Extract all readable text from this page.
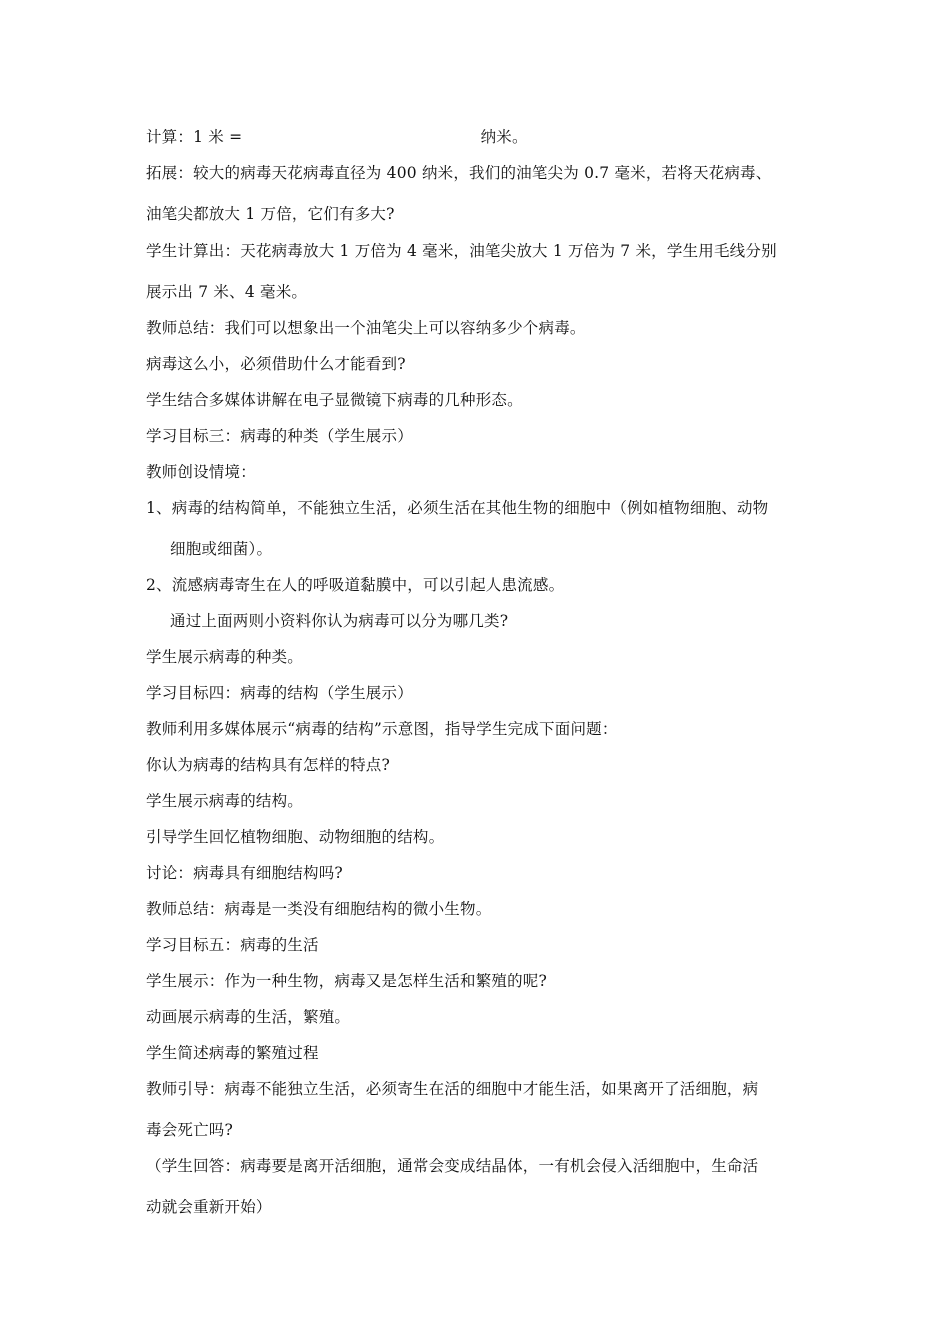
计算：1 米 =	纳米。
拓展：较大的病毒天花病毒直径为 400 纳米，我们的油笔尖为 0.7 毫米，若将天花病毒、
油笔尖都放大 1 万倍，它们有多大?
学生计算出：天花病毒放大 1 万倍为 4 毫米，油笔尖放大 1 万倍为 7 米，学生用毛线分别
展示出 7 米、4 毫米。
教师总结：我们可以想象出一个油笔尖上可以容纳多少个病毒。
病毒这么小，必须借助什么才能看到?
学生结合多媒体讲解在电子显微镜下病毒的几种形态。
学习目标三：病毒的种类（学生展示）
教师创设情境：
1、病毒的结构简单，不能独立生活，必须生活在其他生物的细胞中（例如植物细胞、动物
细胞或细菌）。
2、流感病毒寄生在人的呼吸道黏膜中，可以引起人患流感。
通过上面两则小资料你认为病毒可以分为哪几类?
学生展示病毒的种类。
学习目标四：病毒的结构（学生展示）
教师利用多媒体展示“病毒的结构”示意图，指导学生完成下面问题：
你认为病毒的结构具有怎样的特点?
学生展示病毒的结构。
引导学生回忆植物细胞、动物细胞的结构。
讨论：病毒具有细胞结构吗?
教师总结：病毒是一类没有细胞结构的微小生物。
学习目标五：病毒的生活
学生展示：作为一种生物，病毒又是怎样生活和繁殖的呢?
动画展示病毒的生活，繁殖。
学生简述病毒的繁殖过程
教师引导：病毒不能独立生活，必须寄生在活的细胞中才能生活，如果离开了活细胞，病
毒会死亡吗?
（学生回答：病毒要是离开活细胞，通常会变成结晶体，一有机会侵入活细胞中，生命活
动就会重新开始）
